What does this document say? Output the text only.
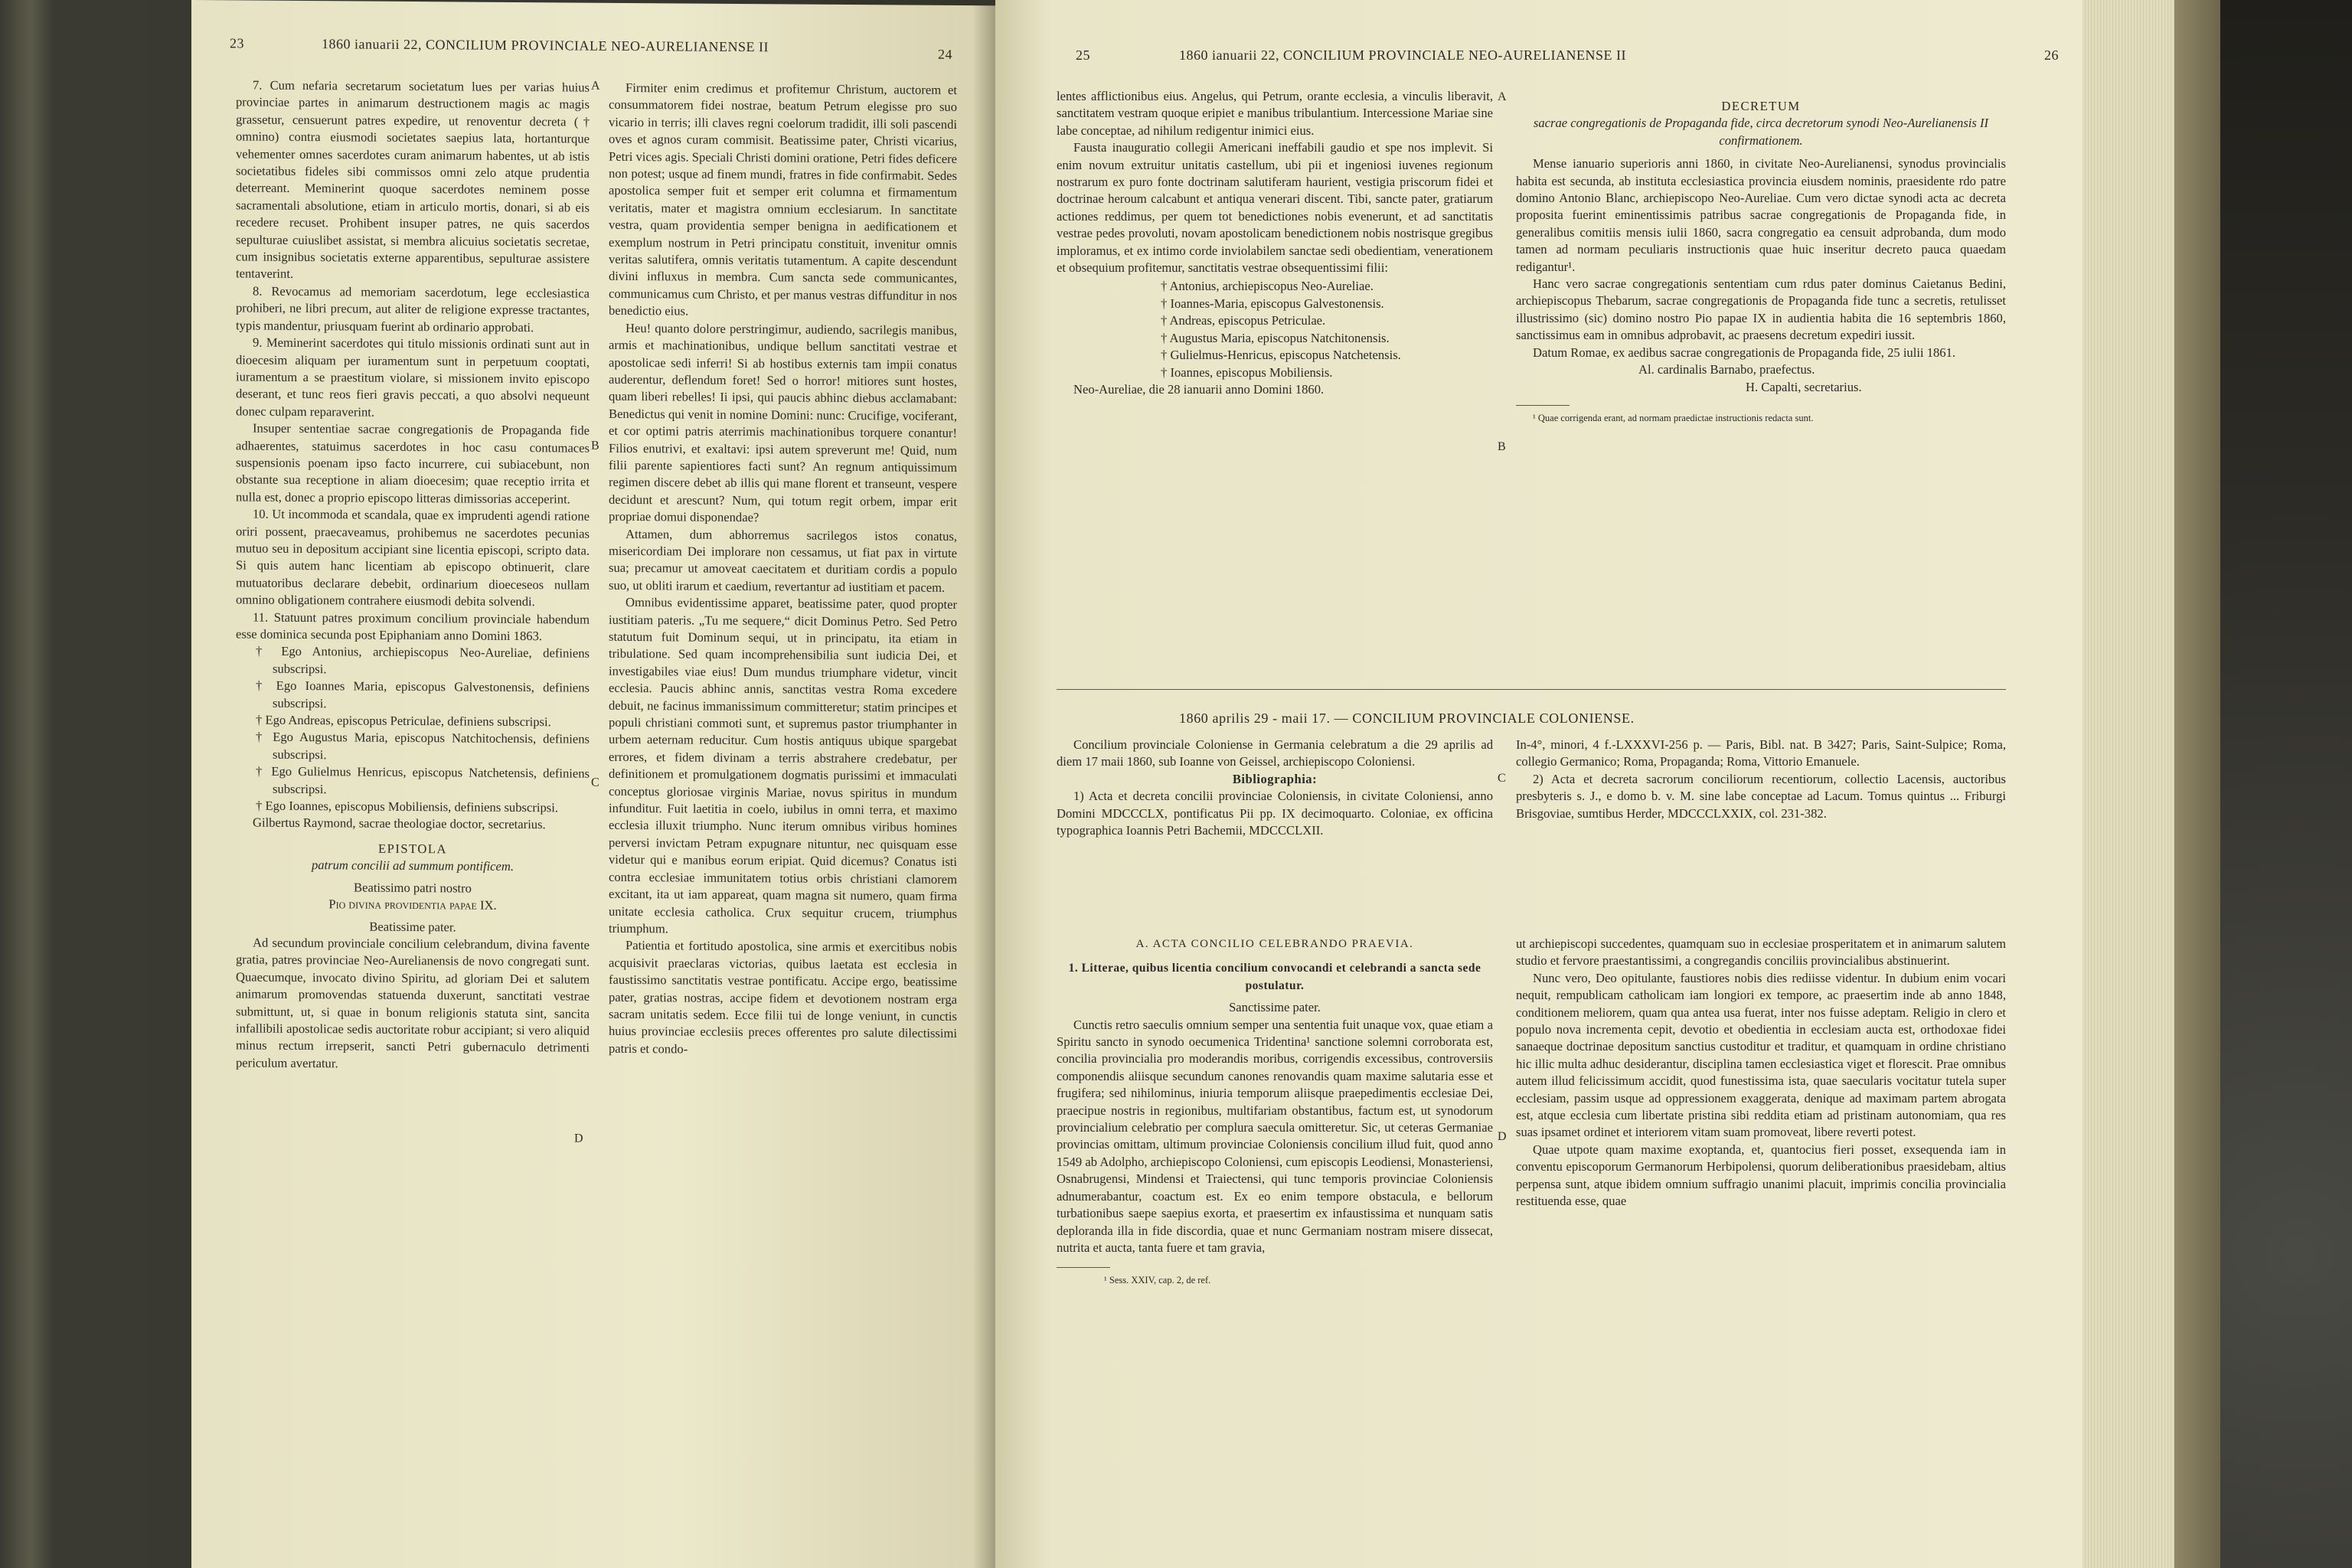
23	1860 ianuarii 22, CONCILIUM PROVINCIALE NEO-AURELIANENSE II	24

7. Cum nefaria secretarum societatum lues per varias huius provinciae partes in animarum destructionem magis ac magis grassetur, censuerunt patres expedire, ut renoventur decreta († omnino) contra eiusmodi societates saepius lata, hortanturque vehementer omnes sacerdotes curam animarum habentes, ut ab istis societatibus fideles sibi commissos omni zelo atque prudentia deterreant. Meminerint quoque sacerdotes neminem posse sacramentali absolutione, etiam in articulo mortis, donari, si ab eis recedere recuset. Prohibent insuper patres, ne quis sacerdos sepulturae cuiuslibet assistat, si membra alicuius societatis secretae, cum insignibus societatis externe apparentibus, sepulturae assistere tentaverint.

8. Revocamus ad memoriam sacerdotum, lege ecclesiastica prohiberi, ne libri precum, aut aliter de religione expresse tractantes, typis mandentur, priusquam fuerint ab ordinario approbati.

9. Meminerint sacerdotes qui titulo missionis ordinati sunt aut in dioecesim aliquam per iuramentum sunt in perpetuum cooptati, iuramentum a se praestitum violare, si missionem invito episcopo deserant, et tunc reos fieri gravis peccati, a quo absolvi nequeunt donec culpam reparaverint.

Insuper sententiae sacrae congregationis de Propaganda fide adhaerentes, statuimus sacerdotes in hoc casu contumaces suspensionis poenam ipso facto incurrere, cui subiacebunt, non obstante sua receptione in aliam dioecesim; quae receptio irrita et nulla est, donec a proprio episcopo litteras dimissorias acceperint.

10. Ut incommoda et scandala, quae ex imprudenti agendi ratione oriri possent, praecaveamus, prohibemus ne sacerdotes pecunias mutuo seu in depositum accipiant sine licentia episcopi, scripto data. Si quis autem hanc licentiam ab episcopo obtinuerit, clare mutuatoribus declarare debebit, ordinarium dioeceseos nullam omnino obligationem contrahere eiusmodi debita solvendi.

11. Statuunt patres proximum concilium provinciale habendum esse dominica secunda post Epiphaniam anno Domini 1863.

† Ego Antonius, archiepiscopus Neo-Aureliae, definiens subscripsi.

† Ego Ioannes Maria, episcopus Galvestonensis, definiens subscripsi.

† Ego Andreas, episcopus Petriculae, definiens subscripsi.

† Ego Augustus Maria, episcopus Natchitochensis, definiens subscripsi.

† Ego Gulielmus Henricus, episcopus Natchetensis, definiens subscripsi.

† Ego Ioannes, episcopus Mobiliensis, definiens subscripsi.

Gilbertus Raymond, sacrae theologiae doctor, secretarius.

EPISTOLA

patrum concilii ad summum pontificem.

Beatissimo patri nostro

Pio divina providentia papae IX.

Beatissime pater.

Ad secundum provinciale concilium celebrandum, divina favente gratia, patres provinciae Neo-Aurelianensis de novo congregati sunt. Quaecumque, invocato divino Spiritu, ad gloriam Dei et salutem animarum promovendas statuenda duxerunt, sanctitati vestrae submittunt, ut, si quae in bonum religionis statuta sint, sancita infallibili apostolicae sedis auctoritate robur accipiant; si vero aliquid minus rectum irrepserit, sancti Petri gubernaculo detrimenti periculum avertatur.

A
B
C
D

Firmiter enim credimus et profitemur Christum, auctorem et consummatorem fidei nostrae, beatum Petrum elegisse pro suo vicario in terris; illi claves regni coelorum tradidit, illi soli pascendi oves et agnos curam commisit. Beatissime pater, Christi vicarius, Petri vices agis. Speciali Christi domini oratione, Petri fides deficere non potest; usque ad finem mundi, fratres in fide confirmabit. Sedes apostolica semper fuit et semper erit columna et firmamentum veritatis, mater et magistra omnium ecclesiarum. In sanctitate vestra, quam providentia semper benigna in aedificationem et exemplum nostrum in Petri principatu constituit, invenitur omnis veritas salutifera, omnis veritatis tutamentum. A capite descendunt divini influxus in membra. Cum sancta sede communicantes, communicamus cum Christo, et per manus vestras diffunditur in nos benedictio eius.

Heu! quanto dolore perstringimur, audiendo, sacrilegis manibus, armis et machinationibus, undique bellum sanctitati vestrae et apostolicae sedi inferri! Si ab hostibus externis tam impii conatus auderentur, deflendum foret! Sed o horror! mitiores sunt hostes, quam liberi rebelles! Ii ipsi, qui paucis abhinc diebus acclamabant: Benedictus qui venit in nomine Domini: nunc: Crucifige, vociferant, et cor optimi patris aterrimis machinationibus torquere conantur! Filios enutrivi, et exaltavi: ipsi autem spreverunt me! Quid, num filii parente sapientiores facti sunt? An regnum antiquissimum regimen discere debet ab illis qui mane florent et transeunt, vespere decidunt et arescunt? Num, qui totum regit orbem, impar erit propriae domui disponendae?

Attamen, dum abhorremus sacrilegos istos conatus, misericordiam Dei implorare non cessamus, ut fiat pax in virtute sua; precamur ut amoveat caecitatem et duritiam cordis a populo suo, ut obliti irarum et caedium, revertantur ad iustitiam et pacem.

Omnibus evidentissime apparet, beatissime pater, quod propter iustitiam pateris. „Tu me sequere,“ dicit Dominus Petro. Sed Petro statutum fuit Dominum sequi, ut in principatu, ita etiam in tribulatione. Sed quam incomprehensibilia sunt iudicia Dei, et investigabiles viae eius! Dum mundus triumphare videtur, vincit ecclesia. Paucis abhinc annis, sanctitas vestra Roma excedere debuit, ne facinus immanissimum committeretur; statim principes et populi christiani commoti sunt, et supremus pastor triumphanter in urbem aeternam reducitur. Cum hostis antiquus ubique spargebat errores, et fidem divinam a terris abstrahere credebatur, per definitionem et promulgationem dogmatis purissimi et immaculati conceptus gloriosae virginis Mariae, novus spiritus in mundum infunditur. Fuit laetitia in coelo, iubilus in omni terra, et maximo ecclesia illuxit triumpho. Nunc iterum omnibus viribus homines perversi invictam Petram expugnare nituntur, nec quisquam esse videtur qui e manibus eorum eripiat. Quid dicemus? Conatus isti contra ecclesiae immunitatem totius orbis christiani clamorem excitant, ita ut iam appareat, quam magna sit numero, quam firma unitate ecclesia catholica. Crux sequitur crucem, triumphus triumphum.

Patientia et fortitudo apostolica, sine armis et exercitibus nobis acquisivit praeclaras victorias, quibus laetata est ecclesia in faustissimo sanctitatis vestrae pontificatu. Accipe ergo, beatissime pater, gratias nostras, accipe fidem et devotionem nostram erga sacram unitatis sedem. Ecce filii tui de longe veniunt, in cunctis huius provinciae ecclesiis preces offerentes pro salute dilectissimi patris et condo-

25	1860 ianuarii 22, CONCILIUM PROVINCIALE NEO-AURELIANENSE II	26

lentes afflictionibus eius. Angelus, qui Petrum, orante ecclesia, a vinculis liberavit, sanctitatem vestram quoque eripiet e manibus tribulantium. Intercessione Mariae sine labe conceptae, ad nihilum redigentur inimici eius.

Fausta inauguratio collegii Americani ineffabili gaudio et spe nos implevit. Si enim novum extruitur unitatis castellum, ubi pii et ingeniosi iuvenes regionum nostrarum ex puro fonte doctrinam salutiferam haurient, vestigia priscorum fidei et doctrinae heroum calcabunt et antiqua venerari discent. Tibi, sancte pater, gratiarum actiones reddimus, per quem tot benedictiones nobis evenerunt, et ad sanctitatis vestrae pedes provoluti, novam apostolicam benedictionem nobis nostrisque gregibus imploramus, et ex intimo corde inviolabilem sanctae sedi obedientiam, venerationem et obsequium profitemur, sanctitatis vestrae obsequentissimi filii:

† Antonius, archiepiscopus Neo-Aureliae.

† Ioannes-Maria, episcopus Galvestonensis.

† Andreas, episcopus Petriculae.

† Augustus Maria, episcopus Natchitonensis.

† Gulielmus-Henricus, episcopus Natchetensis.

† Ioannes, episcopus Mobiliensis.

Neo-Aureliae, die 28 ianuarii anno Domini 1860.

A
B

DECRETUM

sacrae congregationis de Propaganda fide, circa decretorum synodi Neo-Aurelianensis II confirmationem.

Mense ianuario superioris anni 1860, in civitate Neo-Aurelianensi, synodus provincialis habita est secunda, ab instituta ecclesiastica provincia eiusdem nominis, praesidente rdo patre domino Antonio Blanc, archiepiscopo Neo-Aureliae. Cum vero dictae synodi acta ac decreta proposita fuerint eminentissimis patribus sacrae congregationis de Propaganda fide, in generalibus comitiis mensis iulii 1860, sacra congregatio ea censuit adprobanda, dum modo tamen ad normam peculiaris instructionis quae huic inseritur decreto pauca quaedam redigantur¹.

Hanc vero sacrae congregationis sententiam cum rdus pater dominus Caietanus Bedini, archiepiscopus Thebarum, sacrae congregationis de Propaganda fide tunc a secretis, retulisset illustrissimo (sic) domino nostro Pio papae IX in audientia habita die 16 septembris 1860, sanctissimus eam in omnibus adprobavit, ac praesens decretum expediri iussit.

Datum Romae, ex aedibus sacrae congregationis de Propaganda fide, 25 iulii 1861.

Al. cardinalis Barnabo, praefectus.

H. Capalti, secretarius.

¹ Quae corrigenda erant, ad normam praedictae instructionis redacta sunt.

1860 aprilis 29 - maii 17. — CONCILIUM PROVINCIALE COLONIENSE.

Concilium provinciale Coloniense in Germania celebratum a die 29 aprilis ad diem 17 maii 1860, sub Ioanne von Geissel, archiepiscopo Coloniensi.

Bibliographia:

1) Acta et decreta concilii provinciae Coloniensis, in civitate Coloniensi, anno Domini MDCCCLX, pontificatus Pii pp. IX decimoquarto. Coloniae, ex officina typographica Ioannis Petri Bachemii, MDCCCLXII.

C

In-4°, minori, 4 f.-LXXXVI-256 p. — Paris, Bibl. nat. B 3427; Paris, Saint-Sulpice; Roma, collegio Germanico; Roma, Propaganda; Roma, Vittorio Emanuele.

2) Acta et decreta sacrorum conciliorum recentiorum, collectio Lacensis, auctoribus presbyteris s. J., e domo b. v. M. sine labe conceptae ad Lacum. Tomus quintus ... Friburgi Brisgoviae, sumtibus Herder, MDCCCLXXIX, col. 231-382.

A. ACTA CONCILIO CELEBRANDO PRAEVIA.

1. Litterae, quibus licentia concilium convocandi et celebrandi a sancta sede postulatur.

Sanctissime pater.

Cunctis retro saeculis omnium semper una sententia fuit unaque vox, quae etiam a Spiritu sancto in synodo oecumenica Tridentina¹ sanctione solemni corroborata est, concilia provincialia pro moderandis moribus, corrigendis excessibus, controversiis componendis aliisque secundum canones renovandis quam maxime salutaria esse et frugifera; sed nihilominus, iniuria temporum aliisque praepedimentis ecclesiae Dei, praecipue nostris in regionibus, multifariam obstantibus, factum est, ut synodorum provincialium celebratio per complura saecula omitteretur. Sic, ut ceteras Germaniae provincias omittam, ultimum provinciae Coloniensis concilium illud fuit, quod anno 1549 ab Adolpho, archiepiscopo Coloniensi, cum episcopis Leodiensi, Monasteriensi, Osnabrugensi, Mindensi et Traiectensi, qui tunc temporis provinciae Coloniensis adnumerabantur, coactum est. Ex eo enim tempore obstacula, e bellorum turbationibus saepe saepius exorta, et praesertim ex infaustissima et nunquam satis deploranda illa in fide discordia, quae et nunc Germaniam nostram misere dissecat, nutrita et aucta, tanta fuere et tam gravia,

¹ Sess. XXIV, cap. 2, de ref.

D

ut archiepiscopi succedentes, quamquam suo in ecclesiae prosperitatem et in animarum salutem studio et fervore praestantissimi, a congregandis conciliis provincialibus abstinuerint.

Nunc vero, Deo opitulante, faustiores nobis dies rediisse videntur. In dubium enim vocari nequit, rempublicam catholicam iam longiori ex tempore, ac praesertim inde ab anno 1848, conditionem meliorem, quam qua antea usa fuerat, inter nos fuisse adeptam. Religio in clero et populo nova incrementa cepit, devotio et obedientia in ecclesiam aucta est, orthodoxae fidei sanaeque doctrinae depositum sanctius custoditur et traditur, et quamquam in ordine christiano hic illic multa adhuc desiderantur, disciplina tamen ecclesiastica viget et florescit. Prae omnibus autem illud felicissimum accidit, quod funestissima ista, quae saecularis vocitatur tutela super ecclesiam, passim usque ad oppressionem exaggerata, denique ad maximam partem abrogata est, atque ecclesia cum libertate pristina sibi reddita etiam ad pristinam autonomiam, qua res suas ipsamet ordinet et interiorem vitam suam promoveat, libere reverti potest.

Quae utpote quam maxime exoptanda, et, quantocius fieri posset, exsequenda iam in conventu episcoporum Germanorum Herbipolensi, quorum deliberationibus praesidebam, altius perpensa sunt, atque ibidem omnium suffragio unanimi placuit, imprimis concilia provincialia restituenda esse, quae
